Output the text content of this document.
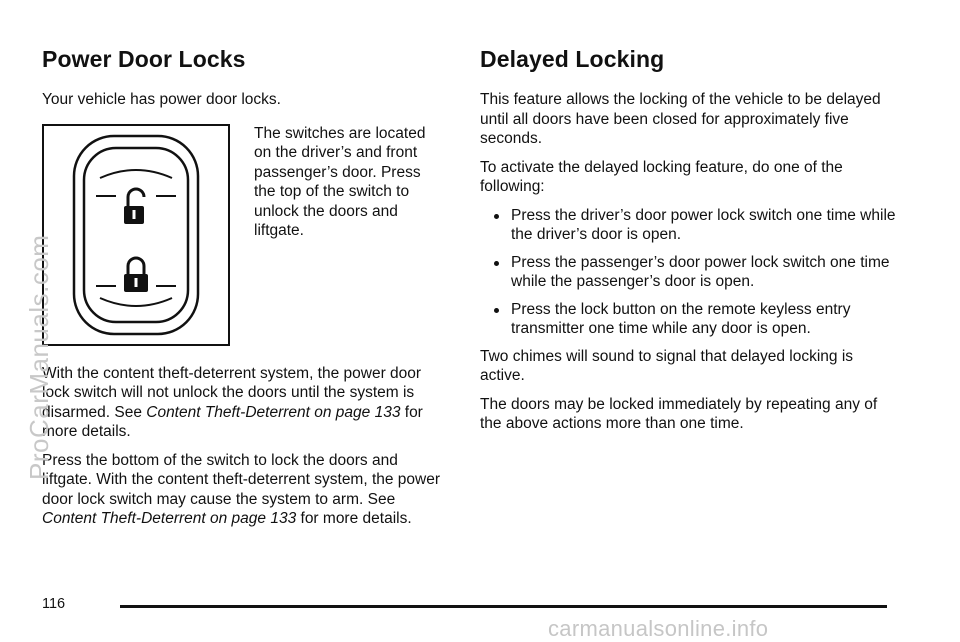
Power Door Locks

Your vehicle has power door locks.

The switches are located on the driver’s and front passenger’s door. Press the top of the switch to unlock the doors and liftgate.

With the content theft-deterrent system, the power door lock switch will not unlock the doors until the system is disarmed. See Content Theft-Deterrent on page 133 for more details.

Press the bottom of the switch to lock the doors and liftgate. With the content theft-deterrent system, the power door lock switch may cause the system to arm. See Content Theft-Deterrent on page 133 for more details.

Delayed Locking

This feature allows the locking of the vehicle to be delayed until all doors have been closed for approximately five seconds.

To activate the delayed locking feature, do one of the following:

Press the driver’s door power lock switch one time while the driver’s door is open.
Press the passenger’s door power lock switch one time while the passenger’s door is open.
Press the lock button on the remote keyless entry transmitter one time while any door is open.

Two chimes will sound to signal that delayed locking is active.

The doors may be locked immediately by repeating any of the above actions more than one time.

116
ProCarManuals.com
carmanualsonline.info
